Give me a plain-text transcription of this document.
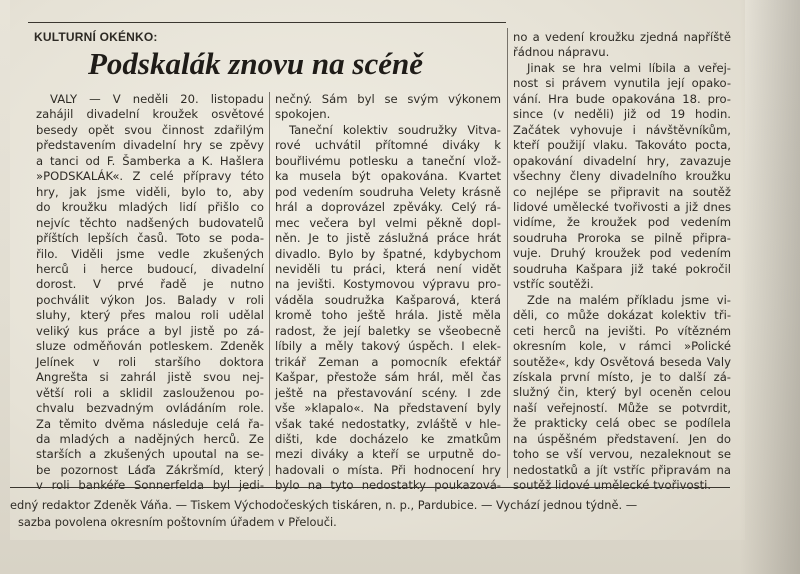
KULTURNÍ OKÉNKO:
Podskalák znovu na scéně
VALY — V neděli 20. listopadu
zahájil divadelní kroužek osvětové
besedy opět svou činnost zdařilým
představením divadelní hry se zpěvy
a tanci od F. Šamberka a K. Hašlera
»PODSKALÁK«. Z celé přípravy této
hry, jak jsme viděli, bylo to, aby
do kroužku mladých lidí přišlo co
nejvíc těchto nadšených budovatelů
příštích lepších časů. Toto se poda-
řilo. Viděli jsme vedle zkušených
herců i herce budoucí, divadelní
dorost. V prvé řadě je nutno
pochválit výkon Jos. Balady v roli
sluhy, který přes malou roli udělal
veliký kus práce a byl jistě po zá-
sluze odměňován potleskem. Zdeněk
Jelínek v roli staršího doktora
Angrešta si zahrál jistě svou nej-
větší roli a sklidil zaslouženou po-
chvalu bezvadným ovládáním role.
Za těmito dvěma následuje celá řa-
da mladých a nadějných herců. Ze
starších a zkušených upoutal na se-
be pozornost Láďa Zákršmíd, který
v roli bankéře Sonnerfelda byl jedi-
nečný. Sám byl se svým výkonem
spokojen.
Taneční kolektiv soudružky Vitva-
rové uchvátil přítomné diváky k
bouřlivému potlesku a taneční vlož-
ka musela být opakována. Kvartet
pod vedením soudruha Velety krásně
hrál a doprovázel zpěváky. Celý rá-
mec večera byl velmi pěkně dopl-
něn. Je to jistě záslužná práce hrát
divadlo. Bylo by špatné, kdybychom
neviděli tu práci, která není vidět
na jevišti. Kostymovou výpravu pro-
váděla soudružka Kašparová, která
kromě toho ještě hrála. Jistě měla
radost, že její baletky se všeobecně
líbily a měly takový úspěch. I elek-
trikář Zeman a pomocník efektář
Kašpar, přestože sám hrál, měl čas
ještě na přestavování scény. I zde
vše »klapalo«. Na představení byly
však také nedostatky, zvláště v hle-
dišti, kde docházelo ke zmatkům
mezi diváky a kteří se urputně do-
hadovali o místa. Při hodnocení hry
bylo na tyto nedostatky poukazová-
no a vedení kroužku zjedná napříště
řádnou nápravu.
Jinak se hra velmi líbila a veřej-
nost si právem vynutila její opako-
vání. Hra bude opakována 18. pro-
since (v neděli) již od 19 hodin.
Začátek vyhovuje i návštěvníkům,
kteří použijí vlaku. Takováto pocta,
opakování divadelní hry, zavazuje
všechny členy divadelního kroužku
co nejlépe se připravit na soutěž
lidové umělecké tvořivosti a již dnes
vidíme, že kroužek pod vedením
soudruha Proroka se pilně připra-
vuje. Druhý kroužek pod vedením
soudruha Kašpara již také pokročil
vstříc soutěži.
Zde na malém příkladu jsme vi-
děli, co může dokázat kolektiv tři-
ceti herců na jevišti. Po vítězném
okresním kole, v rámci »Polické
soutěže«, kdy Osvětová beseda Valy
získala první místo, je to další zá-
služný čin, který byl oceněn celou
naší veřejností. Může se potvrdit,
že prakticky celá obec se podílela
na úspěšném představení. Jen do
toho se vší vervou, nezaleknout se
nedostatků a jít vstříc připravám na
soutěž lidové umělecké tvořivosti.
edný redaktor Zdeněk Váňa. — Tiskem Východočeských tiskáren, n. p., Pardubice. — Vychází jednou týdně. —
sazba povolena okresním poštovním úřadem v Přelouči.
